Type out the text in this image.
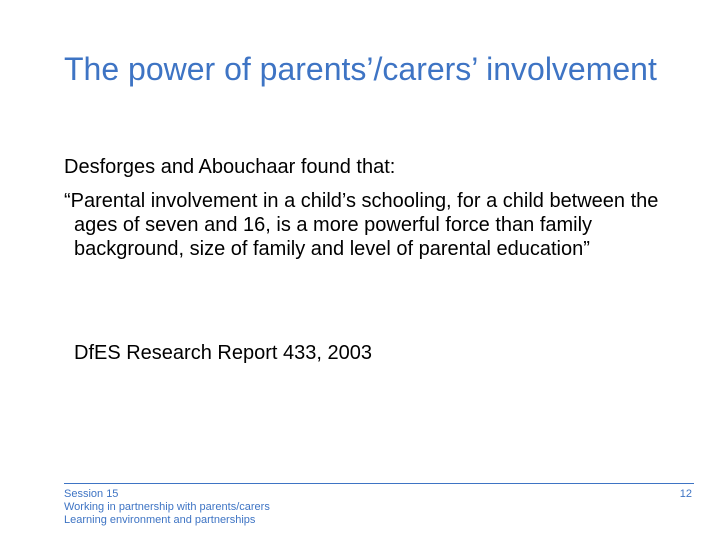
The power of parents’/carers’ involvement

Desforges and Abouchaar found that:

“Parental involvement in a child’s schooling, for a child between the ages of seven and 16, is a more powerful force than family background, size of family and level of parental education”

DfES Research Report 433, 2003

Session 15
Working in partnership with parents/carers
Learning environment and partnerships
12
